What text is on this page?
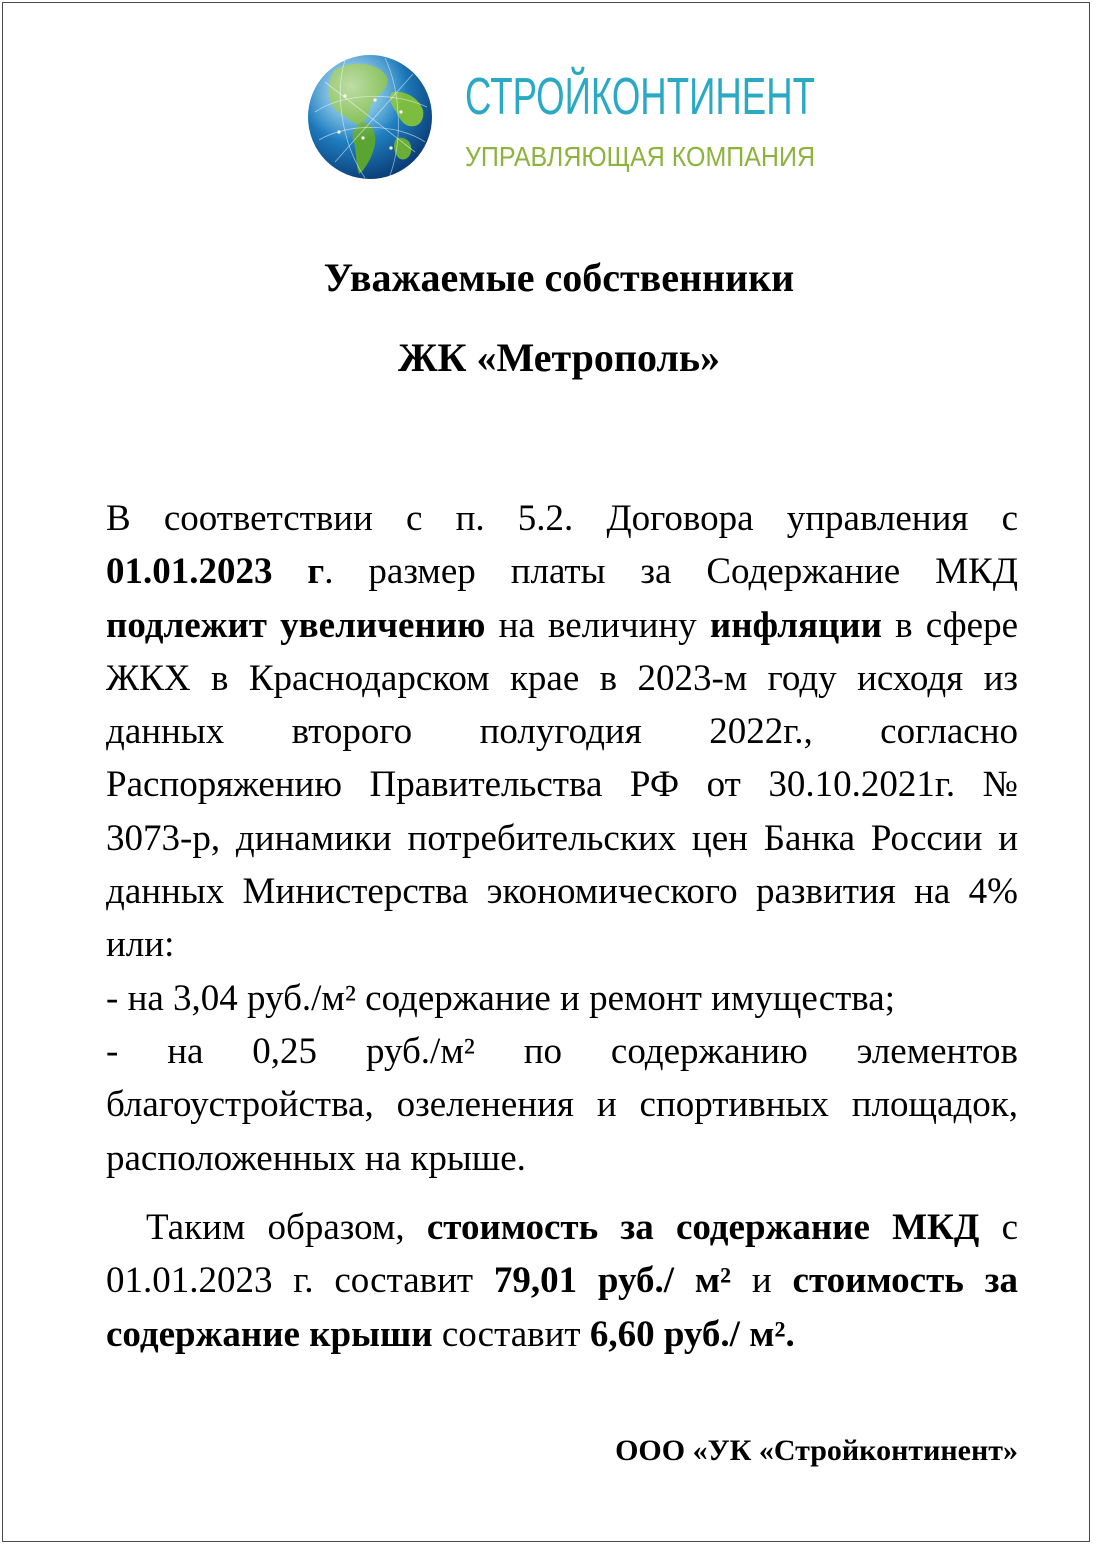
СТРОЙКОНТИНЕНТ
УПРАВЛЯЮЩАЯ КОМПАНИЯ
Уважаемые собственники
ЖК «Метрополь»

В соответствии с п. 5.2. Договора управления с 01.01.2023 г. размер платы за Содержание МКД подлежит увеличению на величину инфляции в сфере ЖКХ в Краснодарском крае в 2023-м году исходя из данных второго полугодия 2022г., согласно Распоряжению Правительства РФ от 30.10.2021г. № 3073-р, динамики потребительских цен Банка России и данных Министерства экономического развития на 4% или:

- на 3,04 руб./м² содержание и ремонт имущества;

- на 0,25 руб./м² по содержанию элементов благоустройства, озеленения и спортивных площадок, расположенных на крыше.

Таким образом, стоимость за содержание МКД с 01.01.2023 г. составит 79,01 руб./ м² и стоимость за содержание крыши составит 6,60 руб./ м².

ООО «УК «Стройконтинент»
